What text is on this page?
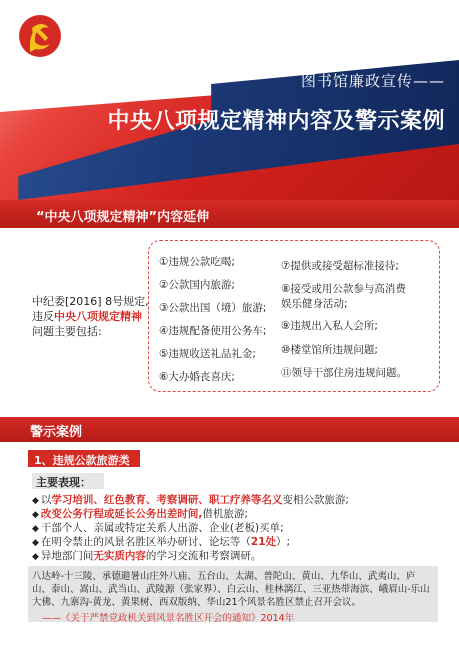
图书馆廉政宣传——
中央八项规定精神内容及警示案例
“中央八项规定精神”内容延伸
中纪委[2016] 8号规定,
违反中央八项规定精神
问题主要包括:
①违规公款吃喝;
②公款国内旅游;
③公款出国（境）旅游;
④违规配备使用公务车;
⑤违规收送礼品礼金;
⑥大办婚丧喜庆;
⑦提供或接受超标准接待;
⑧接受或用公款参与高消费
娱乐健身活动;
⑨违规出入私人会所;
⑩楼堂馆所违规问题;
⑪领导干部住房违规问题。
警示案例
1、违规公款旅游类
主要表现：
◆ 以学习培训、红色教育、考察调研、职工疗养等名义变相公款旅游;
◆ 改变公务行程或延长公务出差时间,借机旅游;
◆ 干部个人、亲属或特定关系人出游、企业(老板)买单;
◆ 在明令禁止的风景名胜区举办研讨、论坛等（21处）;
◆ 异地部门间无实质内容的学习交流和考察调研。
八达岭-十三陵、承德避暑山庄外八庙、五台山、太湖、普陀山、黄山、九华山、武夷山、庐山、泰山、嵩山、武当山、武陵源（张家界）、白云山、桂林漓江、三亚热带海滨、峨眉山-乐山大佛、九寨沟-黄龙、黄果树、西双版纳、华山21个风景名胜区禁止召开会议。
——《关于严禁党政机关到风景名胜区开会的通知》2014年
